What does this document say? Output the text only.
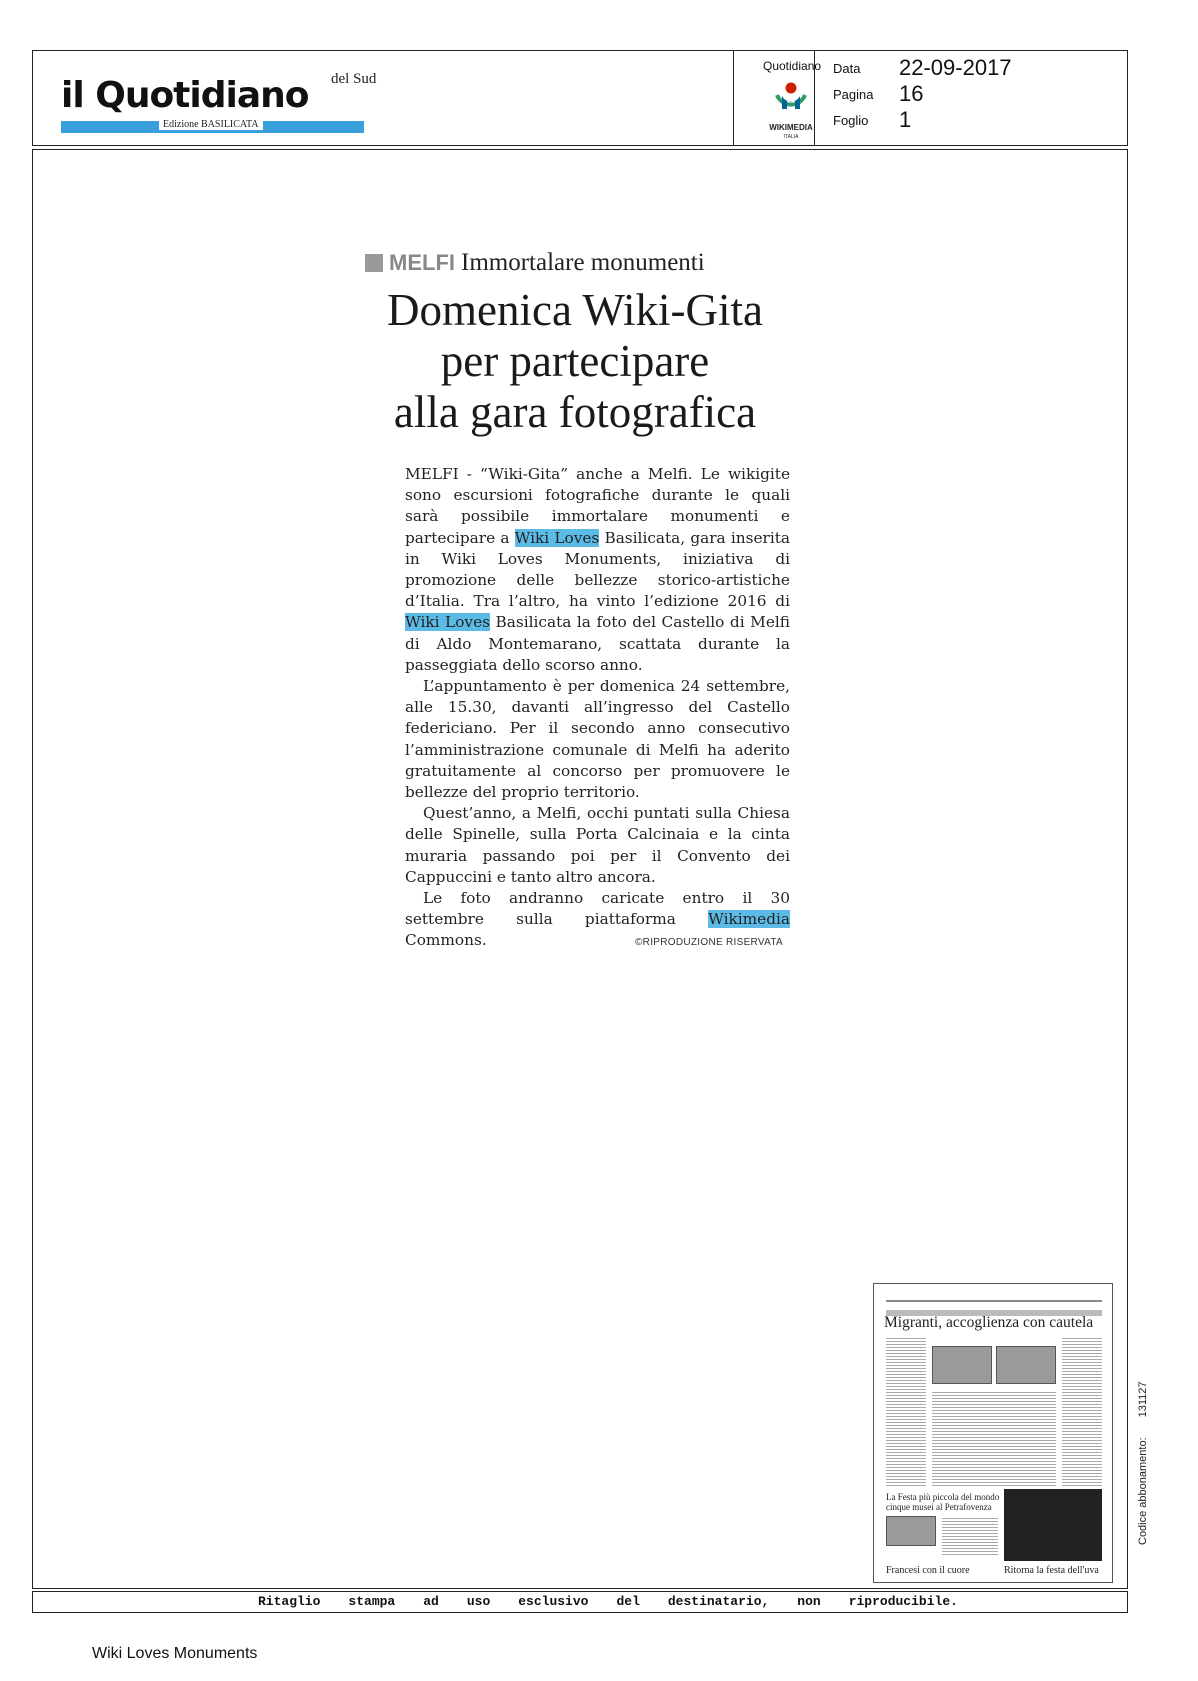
il Quotidiano del Sud
Edizione BASILICATA
Quotidiano
WIKIMEDIA
ITALIA
Data 22-09-2017
Pagina 16
Foglio 1
MELFI Immortalare monumenti
Domenica Wiki-Gita
per partecipare
alla gara fotografica

MELFI - “Wiki-Gita” anche a Melfi. Le wikigite sono escursioni fotografiche durante le quali sarà possibile immortalare monumenti e partecipare a Wiki Loves Basilicata, gara inserita in Wiki Loves Monuments, iniziativa di promozione delle bellezze storico-artistiche d’Italia. Tra l’altro, ha vinto l’edizione 2016 di Wiki Loves Basilicata la foto del Castello di Melfi di Aldo Montemarano, scattata durante la passeggiata dello scorso anno.

L’appuntamento è per domenica 24 settembre, alle 15.30, davanti all’ingresso del Castello federiciano. Per il secondo anno consecutivo l’amministrazione comunale di Melfi ha aderito gratuitamente al concorso per promuovere le bellezze del proprio territorio.

Quest’anno, a Melfi, occhi puntati sulla Chiesa delle Spinelle, sulla Porta Calcinaia e la cinta muraria passando poi per il Convento dei Cappuccini e tanto altro ancora.

Le foto andranno caricate entro il 30 settembre sulla piattaforma Wikimedia Commons.	©RIPRODUZIONE RISERVATA
Migranti, accoglienza con cautela
La Festa più piccola del mondo
cinque musei al Petrafovenza
Francesi con il cuore	Ritorna la festa dell'uva
Ritaglio stampa ad uso esclusivo del destinatario, non riproducibile.
Codice abbonamento:131127
Wiki Loves Monuments
